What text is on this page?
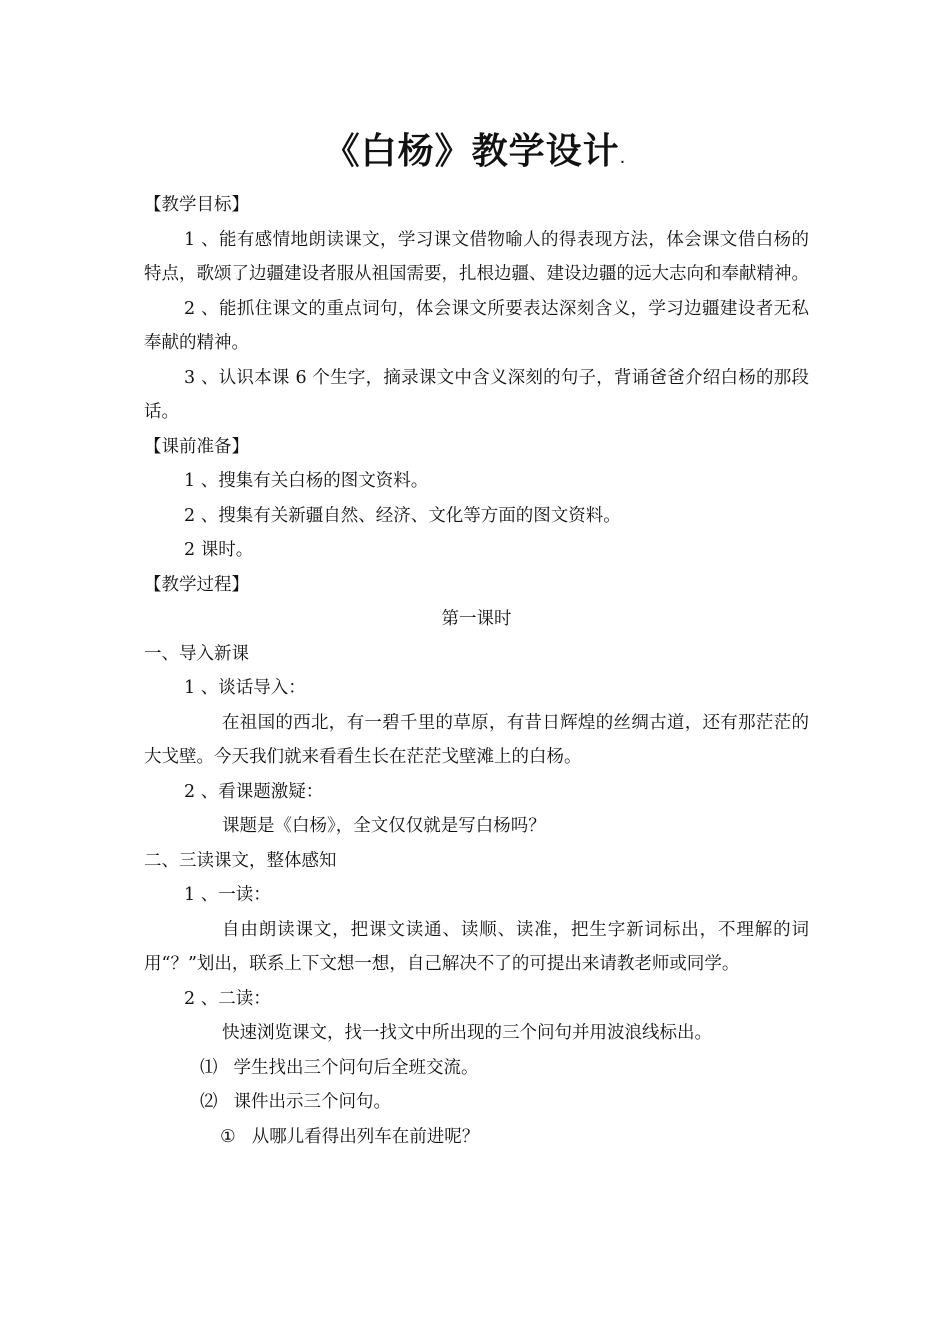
《白杨》教学设计.

【教学目标】

1 、能有感情地朗读课文，学习课文借物喻人的得表现方法，体会课文借白杨的特点，歌颂了边疆建设者服从祖国需要，扎根边疆、建设边疆的远大志向和奉献精神。

2 、能抓住课文的重点词句，体会课文所要表达深刻含义，学习边疆建设者无私奉献的精神。

3 、认识本课 6 个生字，摘录课文中含义深刻的句子，背诵爸爸介绍白杨的那段话。

【课前准备】

1 、搜集有关白杨的图文资料。

2 、搜集有关新疆自然、经济、文化等方面的图文资料。

2 课时。

【教学过程】

第一课时

一、导入新课

1 、谈话导入：

在祖国的西北，有一碧千里的草原，有昔日辉煌的丝绸古道，还有那茫茫的大戈壁。今天我们就来看看生长在茫茫戈壁滩上的白杨。

2 、看课题激疑：

课题是《白杨》，全文仅仅就是写白杨吗？

二、三读课文，整体感知

1 、一读：

自由朗读课文，把课文读通、读顺、读准，把生字新词标出，不理解的词用“？”划出，联系上下文想一想，自己解决不了的可提出来请教老师或同学。

2 、二读：

快速浏览课文，找一找文中所出现的三个问句并用波浪线标出。

⑴ 学生找出三个问句后全班交流。

⑵ 课件出示三个问句。

① 从哪儿看得出列车在前进呢？
